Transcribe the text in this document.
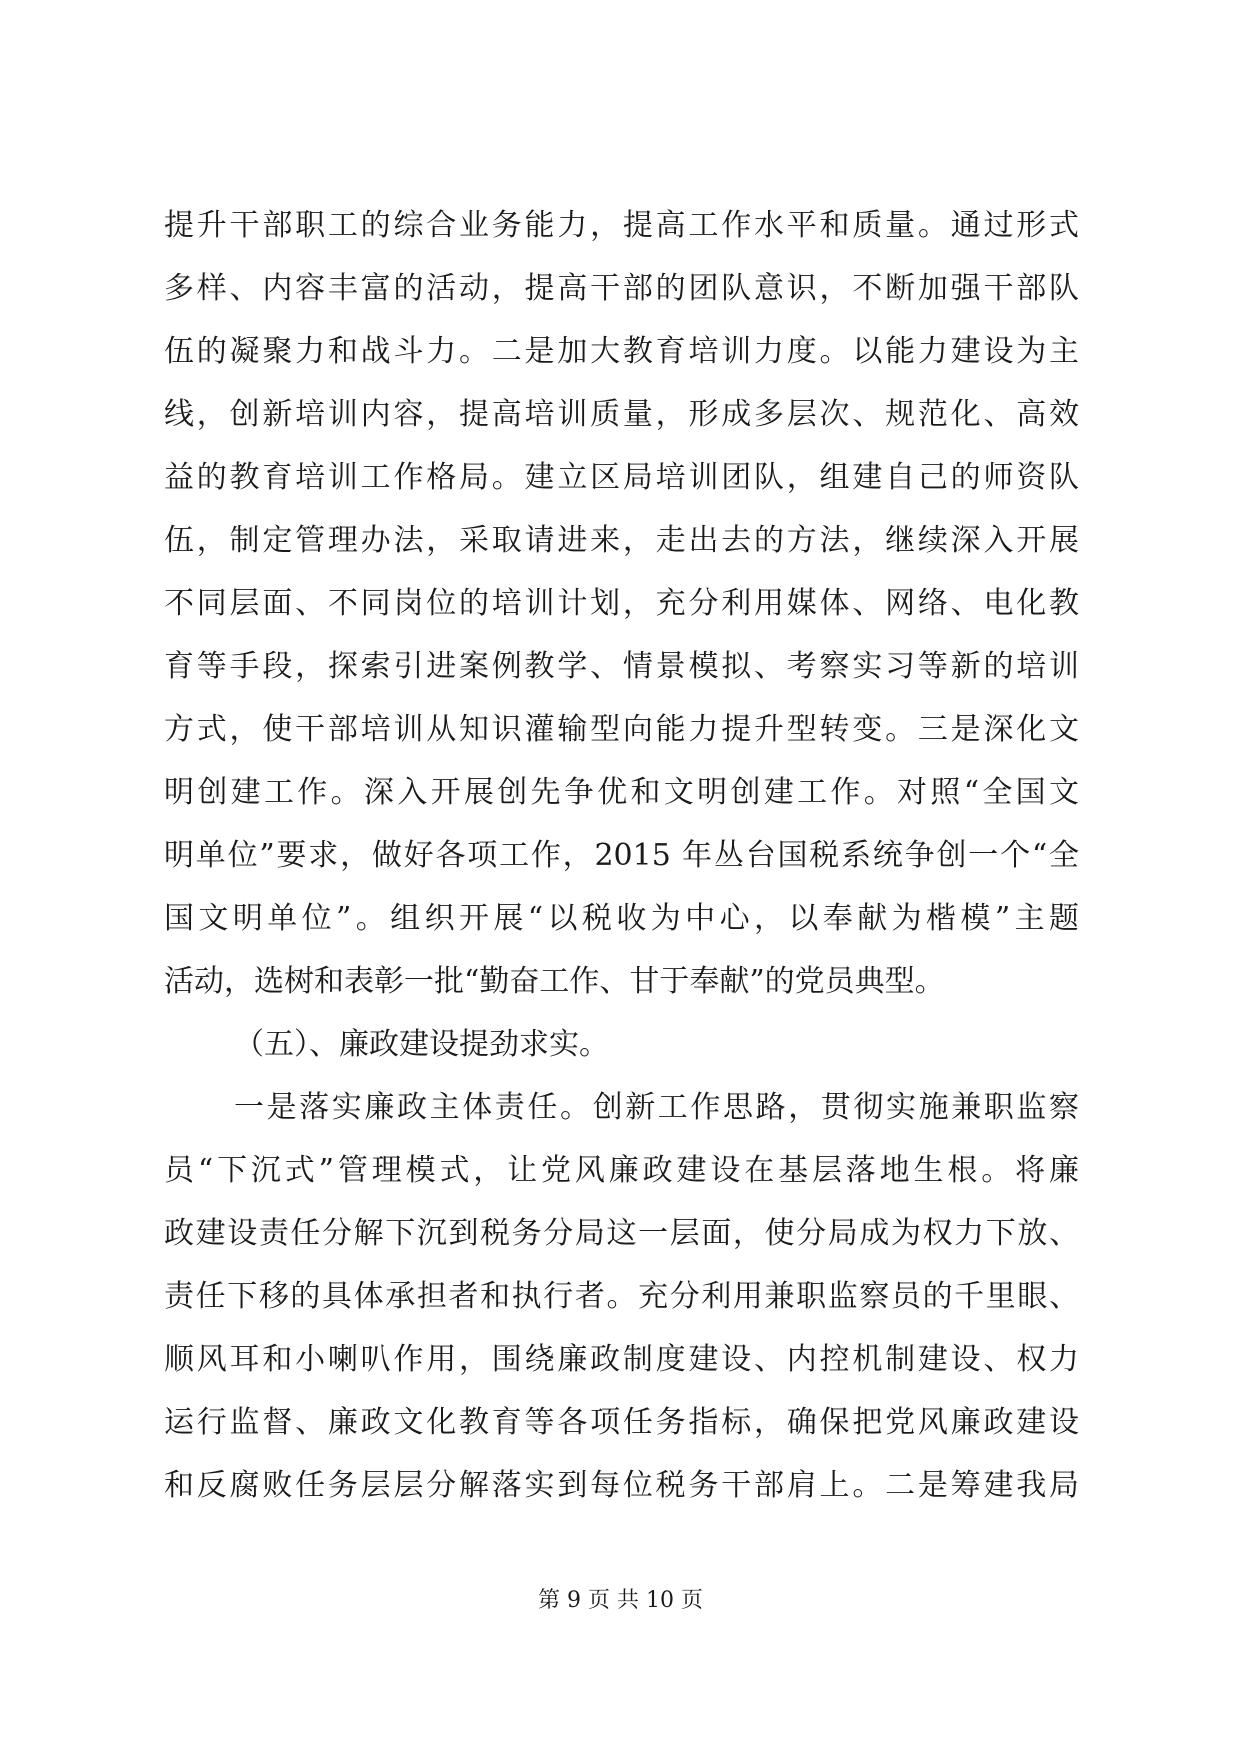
提升干部职工的综合业务能力，提高工作水平和质量。通过形式
多样、内容丰富的活动，提高干部的团队意识，不断加强干部队
伍的凝聚力和战斗力。二是加大教育培训力度。以能力建设为主
线，创新培训内容，提高培训质量，形成多层次、规范化、高效
益的教育培训工作格局。建立区局培训团队，组建自己的师资队
伍，制定管理办法，采取请进来，走出去的方法，继续深入开展
不同层面、不同岗位的培训计划，充分利用媒体、网络、电化教
育等手段，探索引进案例教学、情景模拟、考察实习等新的培训
方式，使干部培训从知识灌输型向能力提升型转变。三是深化文
明创建工作。深入开展创先争优和文明创建工作。对照“全国文
明单位”要求，做好各项工作，2015 年丛台国税系统争创一个“全
国文明单位”。组织开展“以税收为中心，以奉献为楷模”主题
活动，选树和表彰一批“勤奋工作、甘于奉献”的党员典型。
（五）、廉政建设提劲求实。
一是落实廉政主体责任。创新工作思路，贯彻实施兼职监察
员“下沉式”管理模式，让党风廉政建设在基层落地生根。将廉
政建设责任分解下沉到税务分局这一层面，使分局成为权力下放、
责任下移的具体承担者和执行者。充分利用兼职监察员的千里眼、
顺风耳和小喇叭作用，围绕廉政制度建设、内控机制建设、权力
运行监督、廉政文化教育等各项任务指标，确保把党风廉政建设
和反腐败任务层层分解落实到每位税务干部肩上。二是筹建我局
第 9 页 共 10 页
